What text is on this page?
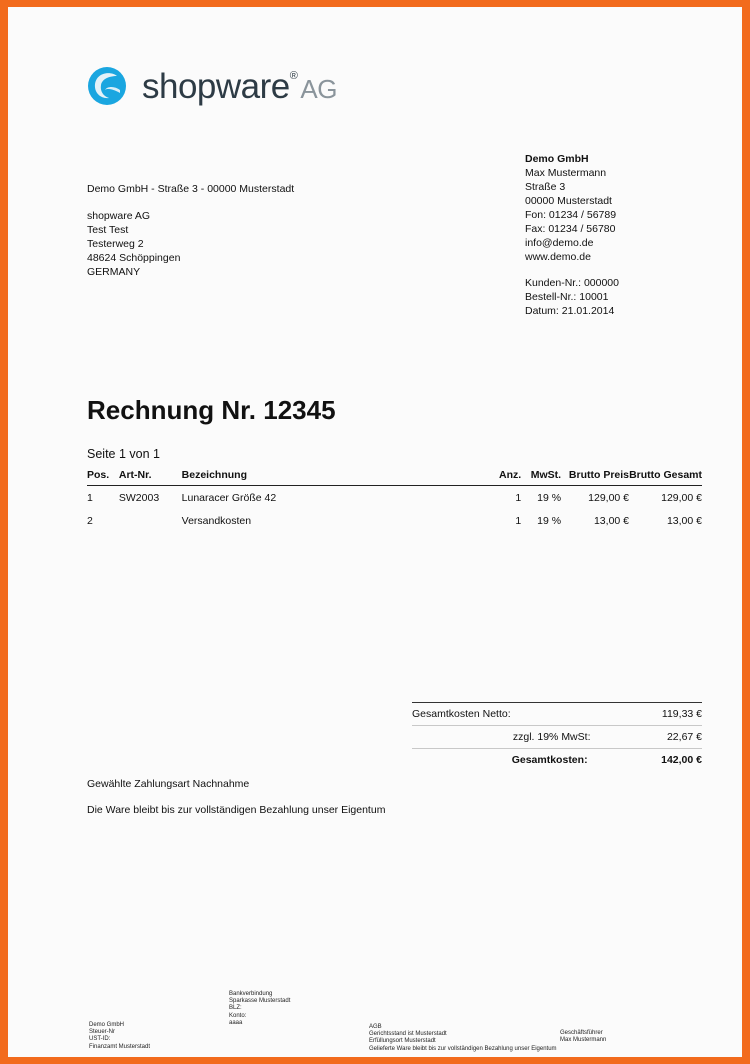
shopware® AG
Demo GmbH - Straße 3 - 00000 Musterstadt
shopware AG
Test Test
Testerweg 2
48624 Schöppingen
GERMANY
Demo GmbH
Max Mustermann
Straße 3
00000 Musterstadt
Fon: 01234 / 56789
Fax: 01234 / 56780
info@demo.de
www.demo.de
Kunden-Nr.: 000000
Bestell-Nr.: 10001
Datum: 21.01.2014
Rechnung Nr. 12345
Seite 1 von 1
Pos.	Art-Nr.	Bezeichnung	Anz.	MwSt.	Brutto Preis	Brutto Gesamt
1	SW2003	Lunaracer Größe 42	1	19 %	129,00 €	129,00 €
2		Versandkosten	1	19 %	13,00 €	13,00 €
Gesamtkosten Netto:	119,33 €
zzgl. 19% MwSt:	22,67 €
Gesamtkosten:	142,00 €
Gewählte Zahlungsart Nachnahme
Die Ware bleibt bis zur vollständigen Bezahlung unser Eigentum
Demo GmbH
Steuer-Nr
UST-ID:
Finanzamt Musterstadt
Bankverbindung
Sparkasse Musterstadt
BLZ:
Konto:
aaaa
AGB
Gerichtsstand ist Musterstadt
Erfüllungsort Musterstadt
Gelieferte Ware bleibt bis zur vollständigen Bezahlung unser Eigentum
Geschäftsführer
Max Mustermann
